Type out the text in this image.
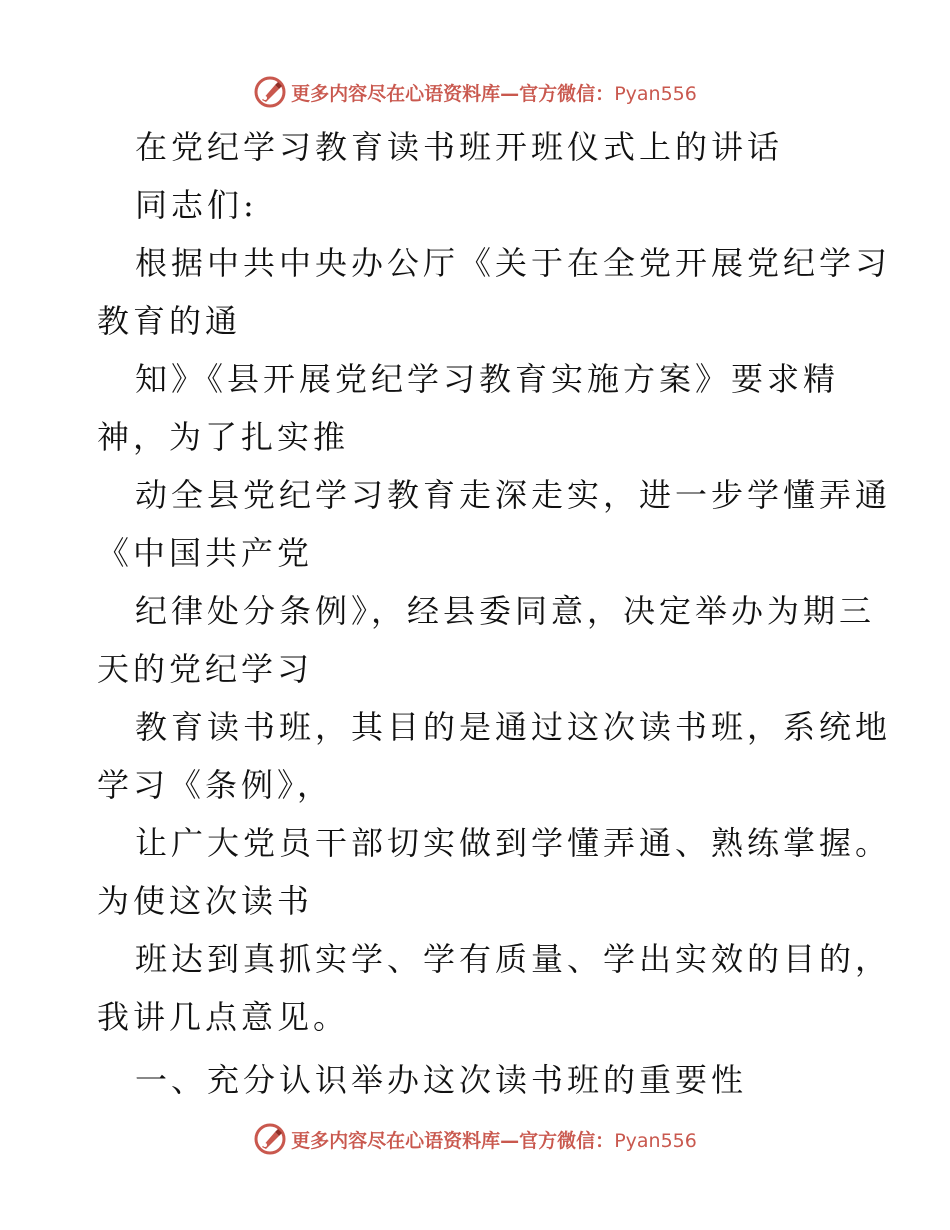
更多内容尽在心语资料库—官方微信：Pyan556
在党纪学习教育读书班开班仪式上的讲话
同志们:
根据中共中央办公厅《关于在全党开展党纪学习
教育的通
知》《县开展党纪学习教育实施方案》要求精
神，为了扎实推
动全县党纪学习教育走深走实，进一步学懂弄通
《中国共产党
纪律处分条例》，经县委同意，决定举办为期三
天的党纪学习
教育读书班，其目的是通过这次读书班，系统地
学习《条例》，
让广大党员干部切实做到学懂弄通、熟练掌握。
为使这次读书
班达到真抓实学、学有质量、学出实效的目的，
我讲几点意见。
一、充分认识举办这次读书班的重要性
更多内容尽在心语资料库—官方微信：Pyan556
